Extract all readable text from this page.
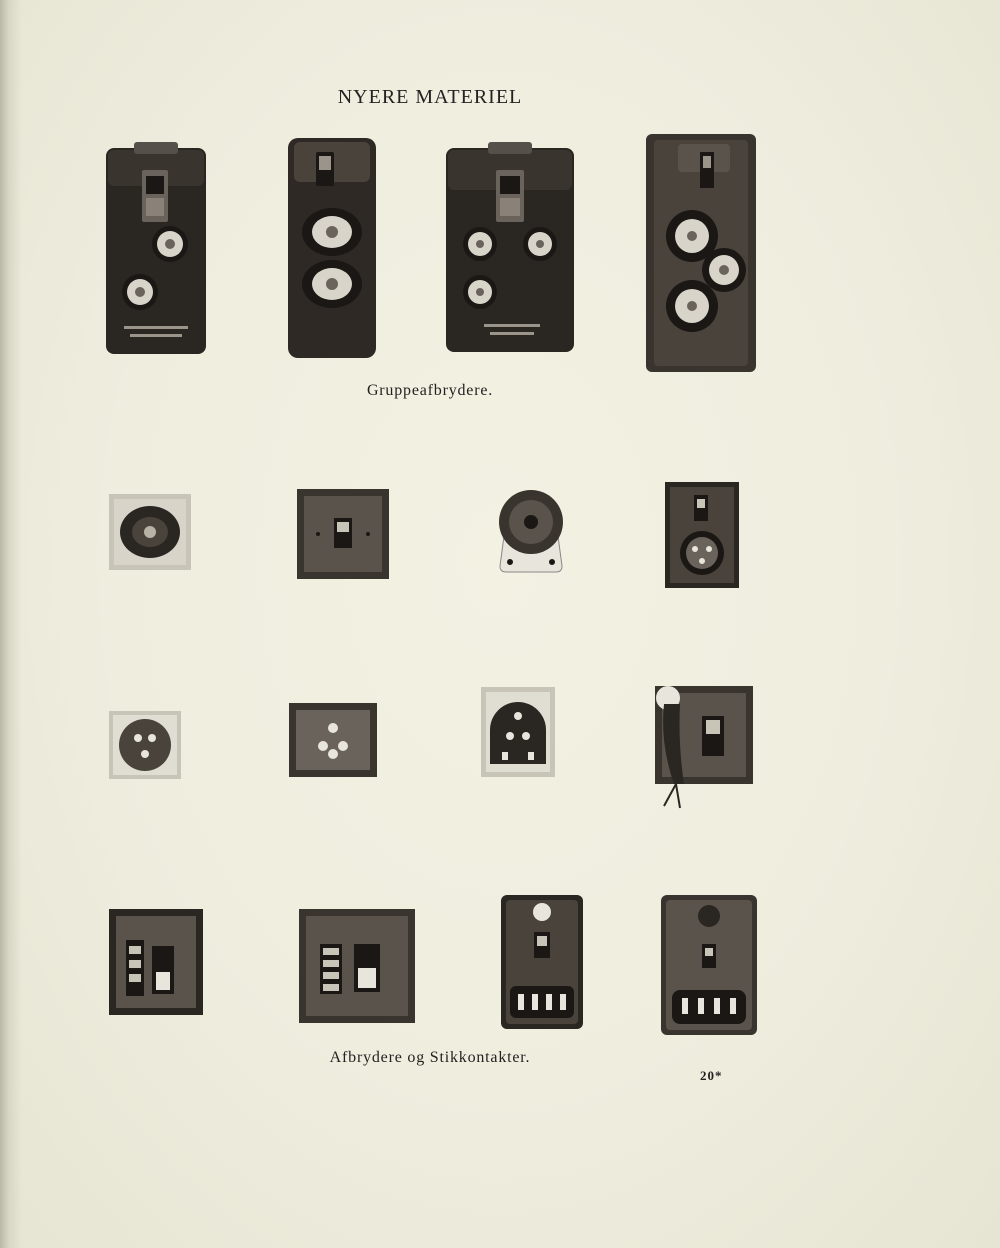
NYERE MATERIEL
Gruppeafbrydere.
Afbrydere og Stikkontakter.
20*
